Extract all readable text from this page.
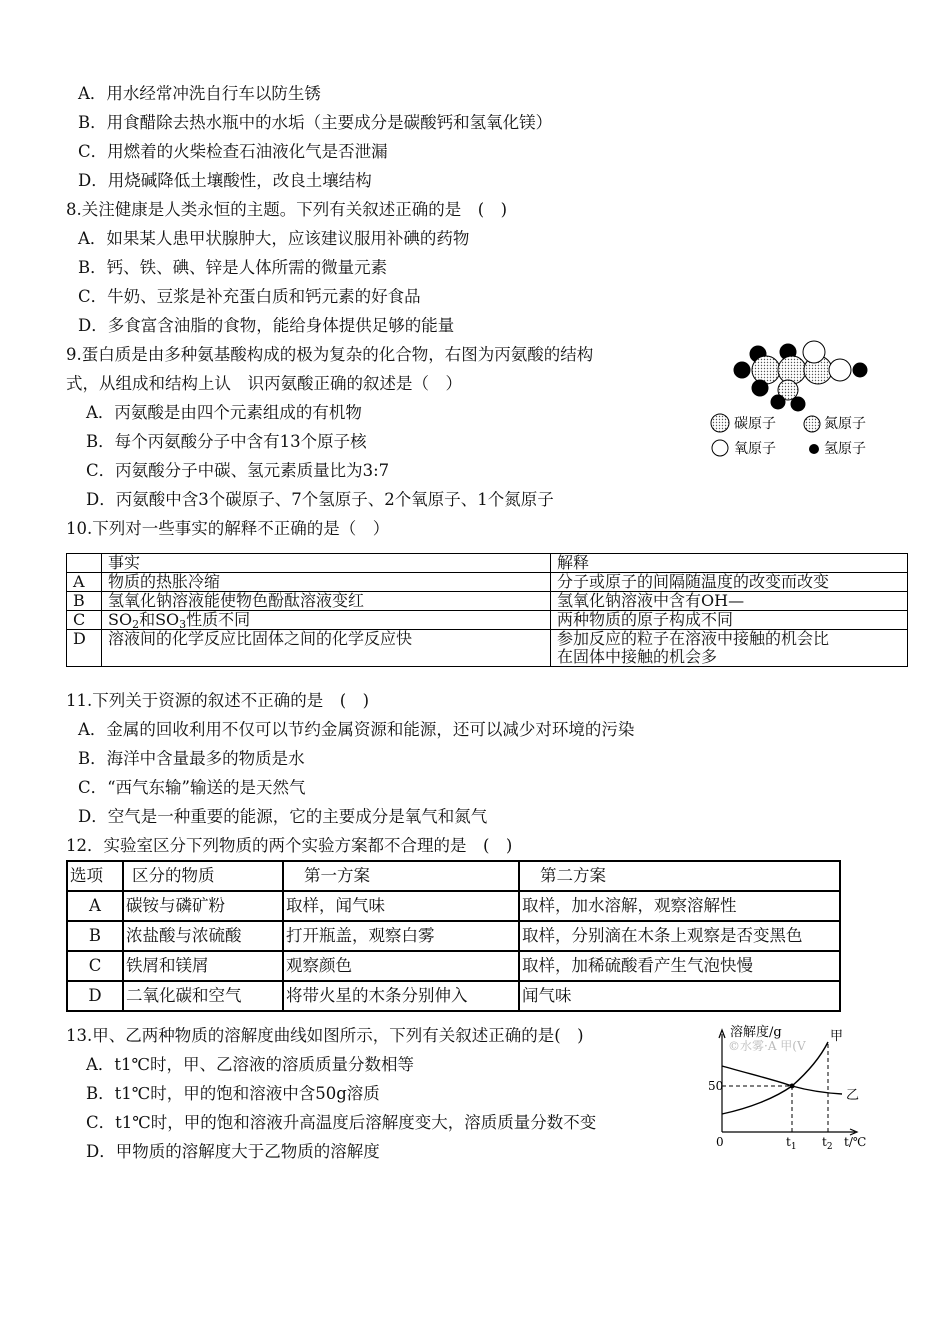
A．用水经常冲洗自行车以防生锈
B．用食醋除去热水瓶中的水垢（主要成分是碳酸钙和氢氧化镁）
C．用燃着的火柴检查石油液化气是否泄漏
D．用烧碱降低土壤酸性，改良土壤结构
8.关注健康是人类永恒的主题。下列有关叙述正确的是　(　)
A．如果某人患甲状腺肿大，应该建议服用补碘的药物
B．钙、铁、碘、锌是人体所需的微量元素
C．牛奶、豆浆是补充蛋白质和钙元素的好食品
D．多食富含油脂的食物，能给身体提供足够的能量
9.蛋白质是由多种氨基酸构成的极为复杂的化合物，右图为丙氨酸的结构
式，从组成和结构上认　识丙氨酸正确的叙述是（　）
A．丙氨酸是由四个元素组成的有机物
B．每个丙氨酸分子中含有13个原子核
C．丙氨酸分子中碳、氢元素质量比为3:7
D．丙氨酸中含3个碳原子、7个氢原子、2个氧原子、1个氮原子
碳原子	氮原子
氧原子	氢原子
10.下列对一些事实的解释不正确的是（　）
	事实	解释
A	物质的热胀冷缩	分子或原子的间隔随温度的改变而改变
B	氢氧化钠溶液能使物色酚酞溶液变红	氢氧化钠溶液中含有OH—
C	$SO_2$和$SO_3$性质不同	两种物质的原子构成不同
D	溶液间的化学反应比固体之间的化学反应快	参加反应的粒子在溶液中接触的机会比
在固体中接触的机会多
11.下列关于资源的叙述不正确的是　(　)
A．金属的回收利用不仅可以节约金属资源和能源，还可以减少对环境的污染
B．海洋中含量最多的物质是水
C．“西气东输”输送的是天然气
D．空气是一种重要的能源，它的主要成分是氧气和氮气
12．实验室区分下列物质的两个实验方案都不合理的是　(　)
选项	区分的物质	第一方案	第二方案
A	碳铵与磷矿粉	取样，闻气味	取样，加水溶解，观察溶解性
B	浓盐酸与浓硫酸	打开瓶盖，观察白雾	取样，分别滴在木条上观察是否变黑色
C	铁屑和镁屑	观察颜色	取样，加稀硫酸看产生气泡快慢
D	二氧化碳和空气	将带火星的木条分别伸入	闻气味
13.甲、乙两种物质的溶解度曲线如图所示，下列有关叙述正确的是(　)
A．t1℃时，甲、乙溶液的溶质质量分数相等
B．t1℃时，甲的饱和溶液中含50g溶质
C．t1℃时，甲的饱和溶液升高温度后溶解度变大，溶质质量分数不变
D．甲物质的溶解度大于乙物质的溶解度
©水雾·A 甲(V
溶解度/g
50
0
甲
乙
$t_1$ $t_2$ t/℃
